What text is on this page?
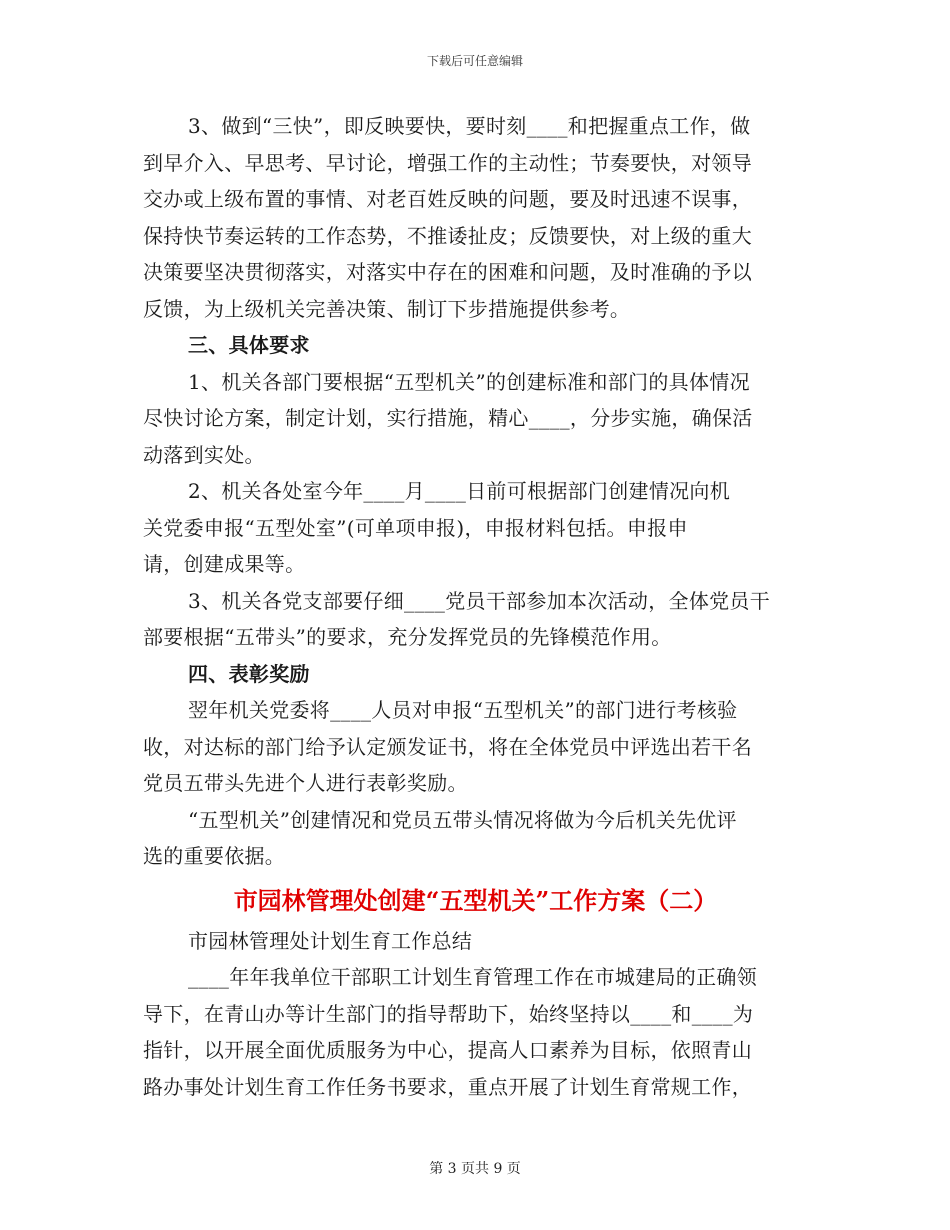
下载后可任意编辑
3、做到“三快”，即反映要快，要时刻____和把握重点工作，做
到早介入、早思考、早讨论，增强工作的主动性；节奏要快，对领导
交办或上级布置的事情、对老百姓反映的问题，要及时迅速不误事，
保持快节奏运转的工作态势，不推诿扯皮；反馈要快，对上级的重大
决策要坚决贯彻落实，对落实中存在的困难和问题，及时准确的予以
反馈，为上级机关完善决策、制订下步措施提供参考。
三、具体要求
1、机关各部门要根据“五型机关”的创建标准和部门的具体情况
尽快讨论方案，制定计划，实行措施，精心____，分步实施，确保活
动落到实处。
2、机关各处室今年____月____日前可根据部门创建情况向机
关党委申报“五型处室”(可单项申报)，申报材料包括。申报申
请，创建成果等。
3、机关各党支部要仔细____党员干部参加本次活动，全体党员干
部要根据“五带头”的要求，充分发挥党员的先锋模范作用。
四、表彰奖励
翌年机关党委将____人员对申报“五型机关”的部门进行考核验
收，对达标的部门给予认定颁发证书，将在全体党员中评选出若干名
党员五带头先进个人进行表彰奖励。
“五型机关”创建情况和党员五带头情况将做为今后机关先优评
选的重要依据。
市园林管理处创建“五型机关”工作方案（二）
市园林管理处计划生育工作总结
____年年我单位干部职工计划生育管理工作在市城建局的正确领
导下，在青山办等计生部门的指导帮助下，始终坚持以____和____为
指针，以开展全面优质服务为中心，提高人口素养为目标，依照青山
路办事处计划生育工作任务书要求，重点开展了计划生育常规工作，
第 3 页共 9 页
